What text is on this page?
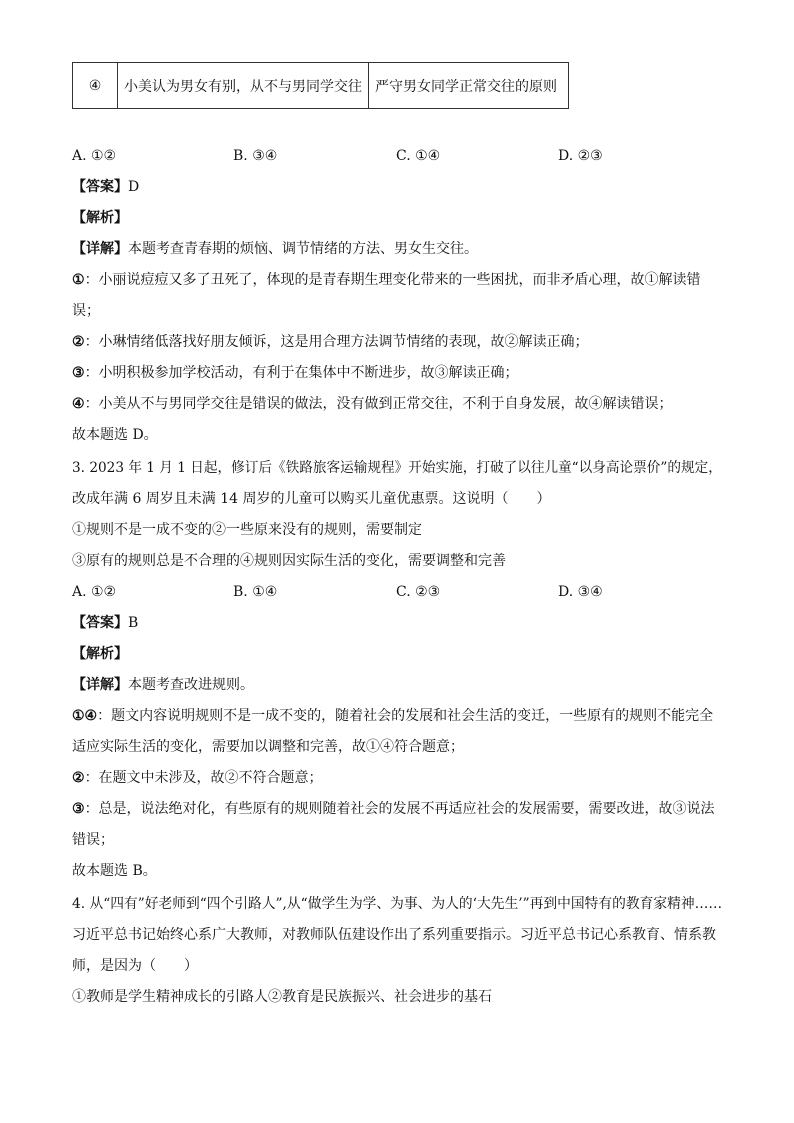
④	小美认为男女有别，从不与男同学交往	严守男女同学正常交往的原则
A. ①②	B. ③④	C. ①④	D. ②③
【答案】D
【解析】
【详解】本题考查青春期的烦恼、调节情绪的方法、男女生交往。
①：小丽说痘痘又多了丑死了，体现的是青春期生理变化带来的一些困扰，而非矛盾心理，故①解读错
误；
②：小琳情绪低落找好朋友倾诉，这是用合理方法调节情绪的表现，故②解读正确；
③：小明积极参加学校活动，有利于在集体中不断进步，故③解读正确；
④：小美从不与男同学交往是错误的做法，没有做到正常交往，不利于自身发展，故④解读错误；
故本题选 D。
3. 2023 年 1 月 1 日起，修订后《铁路旅客运输规程》开始实施，打破了以往儿童“以身高论票价”的规定，
改成年满 6 周岁且未满 14 周岁的儿童可以购买儿童优惠票。这说明（　　）
①规则不是一成不变的②一些原来没有的规则，需要制定
③原有的规则总是不合理的④规则因实际生活的变化，需要调整和完善
A. ①②	B. ①④	C. ②③	D. ③④
【答案】B
【解析】
【详解】本题考查改进规则。
①④：题文内容说明规则不是一成不变的，随着社会的发展和社会生活的变迁，一些原有的规则不能完全
适应实际生活的变化，需要加以调整和完善，故①④符合题意；
②：在题文中未涉及，故②不符合题意；
③：总是，说法绝对化，有些原有的规则随着社会的发展不再适应社会的发展需要，需要改进，故③说法
错误；
故本题选 B。
4. 从“四有”好老师到“四个引路人”,从“做学生为学、为事、为人的‘大先生’”再到中国特有的教育家精神……
习近平总书记始终心系广大教师，对教师队伍建设作出了系列重要指示。习近平总书记心系教育、情系教
师，是因为（　　）
①教师是学生精神成长的引路人②教育是民族振兴、社会进步的基石
